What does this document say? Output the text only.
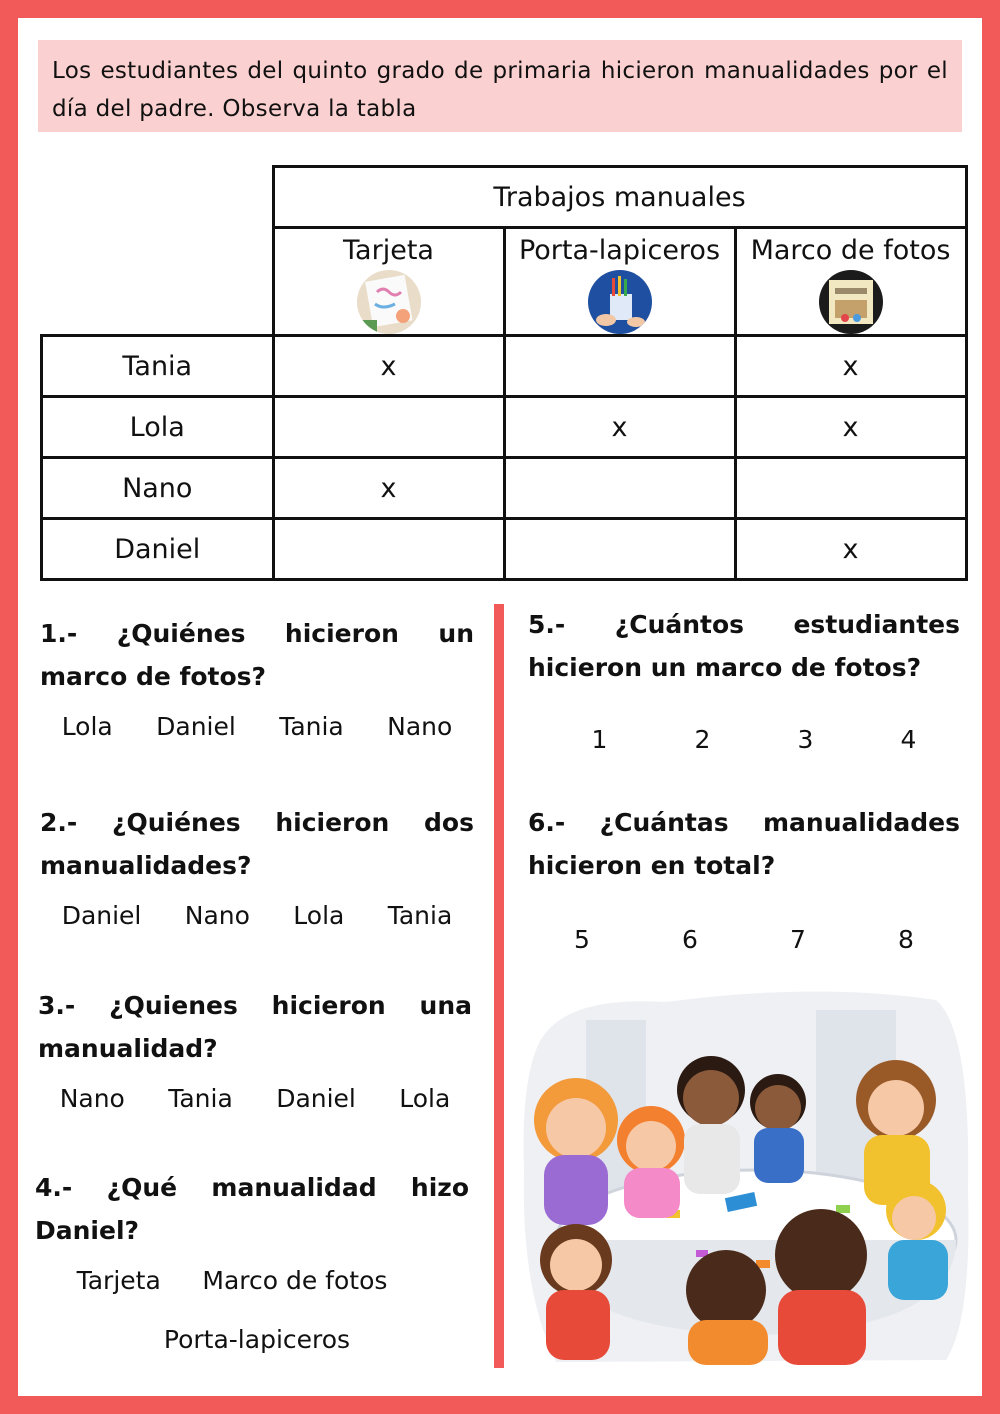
Los estudiantes del quinto grado de primaria hicieron manualidades por el día del padre. Observa la tabla
	Trabajos manuales		

	Tarjeta	Porta-lapiceros	Marco de fotos

Tania	x		x
Lola		x	x
Nano	x		
Daniel			x
1.- ¿Quiénes hicieron un marco de fotos?
Lola Daniel Tania Nano
2.- ¿Quiénes hicieron dos manualidades?
Daniel Nano Lola Tania
3.- ¿Quienes hicieron una manualidad?
Nano Tania Daniel Lola
4.- ¿Qué manualidad hizo Daniel?
Tarjeta Marco de fotos
Porta-lapiceros
5.- ¿Cuántos estudiantes hicieron un marco de fotos?
1	2	3	4
6.- ¿Cuántas manualidades hicieron en total?
5	6	7	8
